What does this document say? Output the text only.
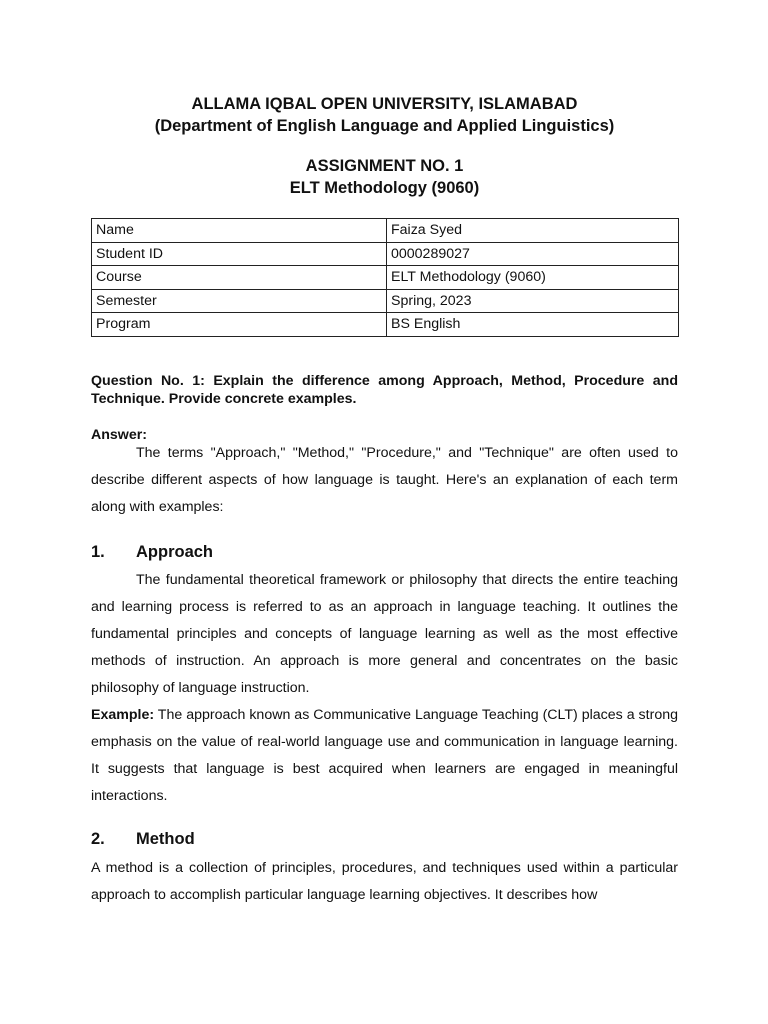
ALLAMA IQBAL OPEN UNIVERSITY, ISLAMABAD
(Department of English Language and Applied Linguistics)
ASSIGNMENT NO. 1
ELT Methodology (9060)
Name	Faiza Syed
Student ID	0000289027
Course	ELT Methodology (9060)
Semester	Spring, 2023
Program	BS English
Question No. 1: Explain the difference among Approach, Method, Procedure and Technique. Provide concrete examples.
Answer:
The terms "Approach," "Method," "Procedure," and "Technique" are often used to describe different aspects of how language is taught. Here's an explanation of each term along with examples:
1. Approach
The fundamental theoretical framework or philosophy that directs the entire teaching and learning process is referred to as an approach in language teaching. It outlines the fundamental principles and concepts of language learning as well as the most effective methods of instruction. An approach is more general and concentrates on the basic philosophy of language instruction.
Example: The approach known as Communicative Language Teaching (CLT) places a strong emphasis on the value of real-world language use and communication in language learning. It suggests that language is best acquired when learners are engaged in meaningful interactions.
2. Method
A method is a collection of principles, procedures, and techniques used within a particular approach to accomplish particular language learning objectives. It describes how
